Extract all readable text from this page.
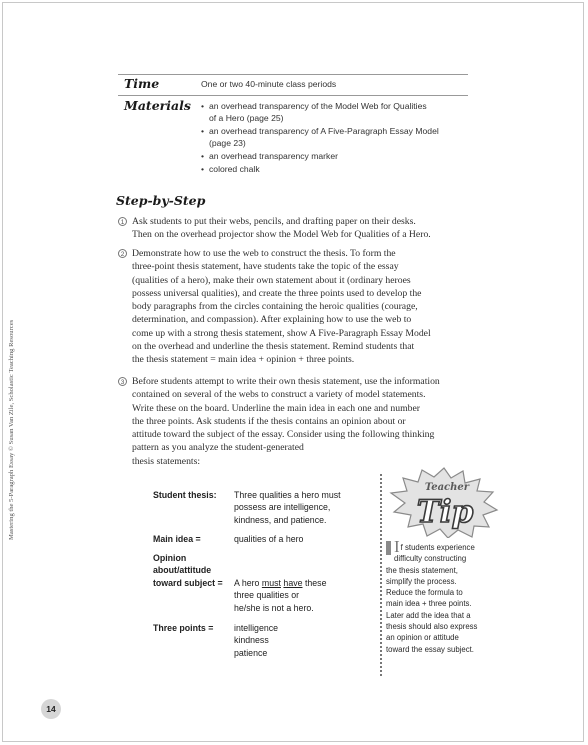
Mastering the 5-Paragraph Essay © Susan Van Zile, Scholastic Teaching Resources
Time	One or two 40-minute class periods
Materials • an overhead transparency of the Model Web for Qualities
of a Hero (page 25)
• an overhead transparency of A Five-Paragraph Essay Model
(page 23)
• an overhead transparency marker
• colored chalk
Step-by-Step
1 Ask students to put their webs, pencils, and drafting paper on their desks.
Then on the overhead projector show the Model Web for Qualities of a Hero.
2 Demonstrate how to use the web to construct the thesis. To form the
three-point thesis statement, have students take the topic of the essay
(qualities of a hero), make their own statement about it (ordinary heroes
possess universal qualities), and create the three points used to develop the
body paragraphs from the circles containing the heroic qualities (courage,
determination, and compassion). After explaining how to use the web to
come up with a strong thesis statement, show A Five-Paragraph Essay Model
on the overhead and underline the thesis statement. Remind students that
the thesis statement = main idea + opinion + three points.
3 Before students attempt to write their own thesis statement, use the information
contained on several of the webs to construct a variety of model statements.
Write these on the board. Underline the main idea in each one and number
the three points. Ask students if the thesis contains an opinion about or
attitude toward the subject of the essay. Consider using the following thinking
pattern as you analyze the student-generated
thesis statements:
Student thesis: Three qualities a hero must
possess are intelligence,
kindness, and patience.
Main idea =	qualities of a hero
Opinion
about/attitude
toward subject = A hero must have these
three qualities or
he/she is not a hero.
Three points = intelligence
kindness
patience
Teacher
Tip
If students experience
difficulty constructing
the thesis statement,
simplify the process.
Reduce the formula to
main idea + three points.
Later add the idea that a
thesis should also express
an opinion or attitude
toward the essay subject.
14
